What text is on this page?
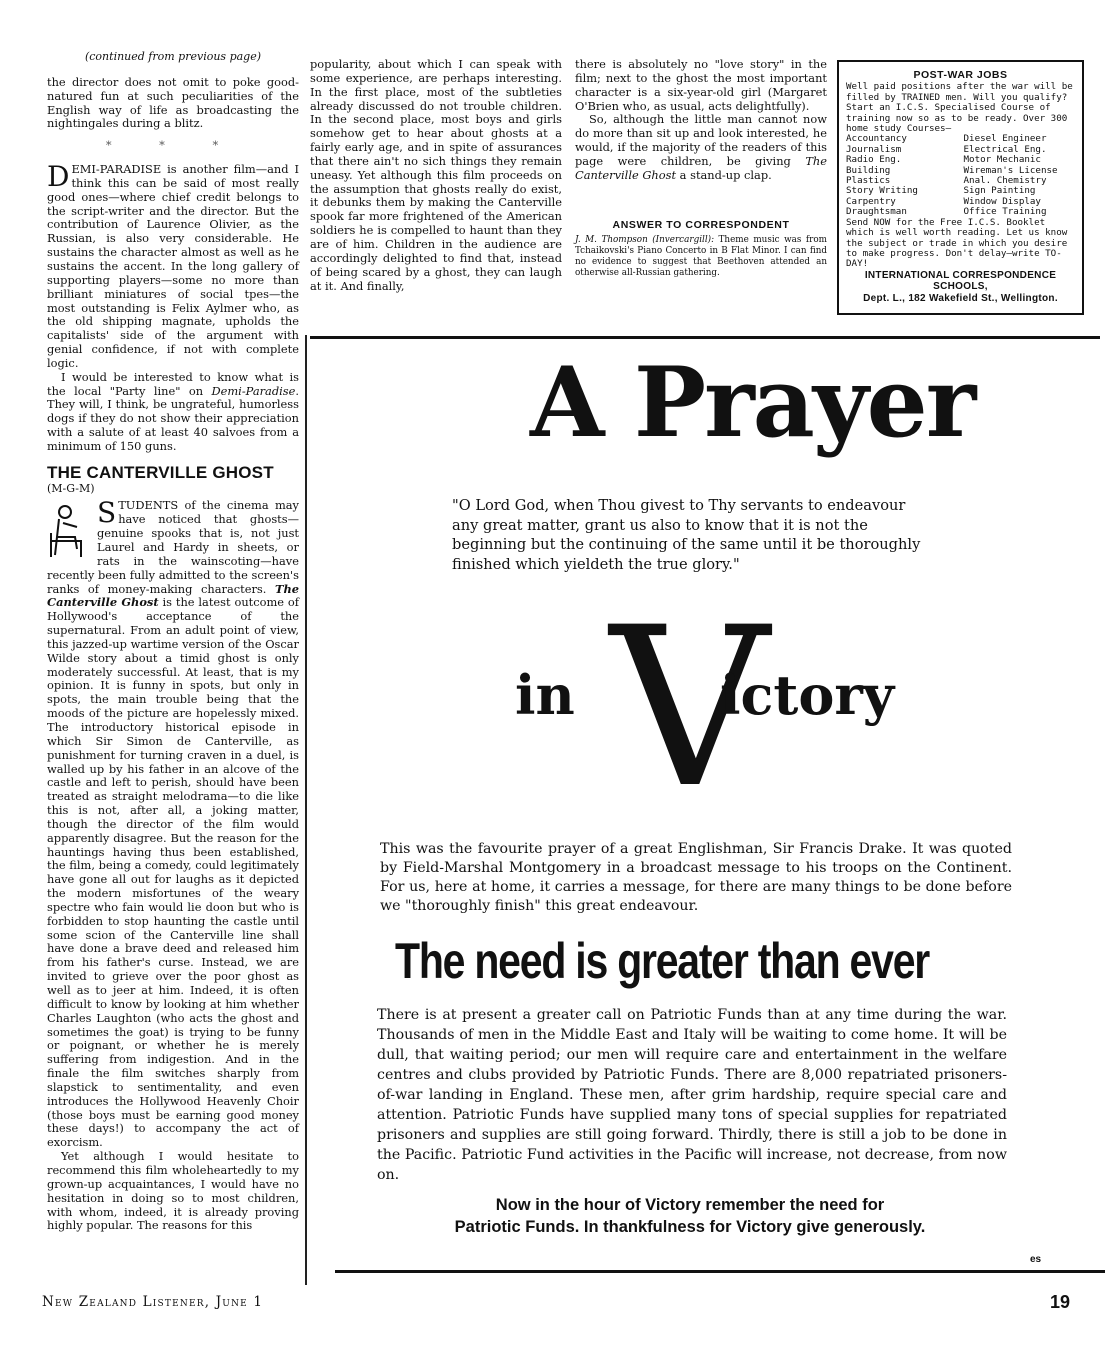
(continued from previous page)

the director does not omit to poke good-natured fun at such peculiarities of the English way of life as broadcasting the nightingales during a blitz.

* * *

DEMI-PARADISE is another film—and I think this can be said of most really good ones—where chief credit belongs to the script-writer and the director. But the contribution of Laurence Olivier, as the Russian, is also very considerable. He sustains the character almost as well as he sustains the accent. In the long gallery of supporting players—some no more than brilliant miniatures of social tpes—the most outstanding is Felix Aylmer who, as the old shipping magnate, upholds the capitalists' side of the argument with genial confidence, if not with complete logic.

I would be interested to know what is the local "Party line" on Demi-Paradise. They will, I think, be ungrateful, humorless dogs if they do not show their appreciation with a salute of at least 40 salvoes from a minimum of 150 guns.

THE CANTERVILLE GHOST

(M-G-M)

STUDENTS of the cinema may have noticed that ghosts—genuine spooks that is, not just Laurel and Hardy in sheets, or rats in the wainscoting—have recently been fully admitted to the screen's ranks of money-making characters. The Canterville Ghost is the latest outcome of Hollywood's acceptance of the supernatural. From an adult point of view, this jazzed-up wartime version of the Oscar Wilde story about a timid ghost is only moderately successful. At least, that is my opinion. It is funny in spots, but only in spots, the main trouble being that the moods of the picture are hopelessly mixed. The introductory historical episode in which Sir Simon de Canterville, as punishment for turning craven in a duel, is walled up by his father in an alcove of the castle and left to perish, should have been treated as straight melodrama—to die like this is not, after all, a joking matter, though the director of the film would apparently disagree. But the reason for the hauntings having thus been established, the film, being a comedy, could legitimately have gone all out for laughs as it depicted the modern misfortunes of the weary spectre who fain would lie doon but who is forbidden to stop haunting the castle until some scion of the Canterville line shall have done a brave deed and released him from his father's curse. Instead, we are invited to grieve over the poor ghost as well as to jeer at him. Indeed, it is often difficult to know by looking at him whether Charles Laughton (who acts the ghost and sometimes the goat) is trying to be funny or poignant, or whether he is merely suffering from indigestion. And in the finale the film switches sharply from slapstick to sentimentality, and even introduces the Hollywood Heavenly Choir (those boys must be earning good money these days!) to accompany the act of exorcism.

Yet although I would hesitate to recommend this film wholeheartedly to my grown-up acquaintances, I would have no hesitation in doing so to most children, with whom, indeed, it is already proving highly popular. The reasons for this

popularity, about which I can speak with some experience, are perhaps interesting. In the first place, most of the subtleties already discussed do not trouble children. In the second place, most boys and girls somehow get to hear about ghosts at a fairly early age, and in spite of assurances that there ain't no sich things they remain uneasy. Yet although this film proceeds on the assumption that ghosts really do exist, it debunks them by making the Canterville spook far more frightened of the American soldiers he is compelled to haunt than they are of him. Children in the audience are accordingly delighted to find that, instead of being scared by a ghost, they can laugh at it. And finally,

there is absolutely no "love story" in the film; next to the ghost the most important character is a six-year-old girl (Margaret O'Brien who, as usual, acts delightfully).

So, although the little man cannot now do more than sit up and look interested, he would, if the majority of the readers of this page were children, be giving The Canterville Ghost a stand-up clap.

ANSWER TO CORRESPONDENT

J. M. Thompson (Invercargill): Theme music was from Tchaikovski's Piano Concerto in B Flat Minor. I can find no evidence to suggest that Beethoven attended an otherwise all-Russian gathering.

POST-WAR JOBS

Well paid positions after the war will be filled by TRAINED men. Will you qualify? Start an I.C.S. Specialised Course of training now so as to be ready. Over 300 home study Courses—
Accountancy	Diesel Engineer
Journalism	Electrical Eng.
Radio Eng.	Motor Mechanic
Building	Wireman's License
Plastics	Anal. Chemistry
Story Writing	Sign Painting
Carpentry	Window Display
Draughtsman	Office Training
Send NOW for the Free I.C.S. Booklet which is well worth reading. Let us know the subject or trade in which you desire to make progress. Don't delay—write TO-DAY!
INTERNATIONAL CORRESPONDENCE SCHOOLS,
Dept. L., 182 Wakefield St., Wellington.
A Prayer
"O Lord God, when Thou givest to Thy servants to endeavour any great matter, grant us also to know that it is not the beginning but the continuing of the same until it be thoroughly finished which yieldeth the true glory."
V
in	ictory
This was the favourite prayer of a great Englishman, Sir Francis Drake. It was quoted by Field-Marshal Montgomery in a broadcast message to his troops on the Continent. For us, here at home, it carries a message, for there are many things to be done before we "thoroughly finish" this great endeavour.
The need is greater than ever
There is at present a greater call on Patriotic Funds than at any time during the war. Thousands of men in the Middle East and Italy will be waiting to come home. It will be dull, that waiting period; our men will require care and entertainment in the welfare centres and clubs provided by Patriotic Funds. There are 8,000 repatriated prisoners-of-war landing in England. These men, after grim hardship, require special care and attention. Patriotic Funds have supplied many tons of special supplies for repatriated prisoners and supplies are still going forward. Thirdly, there is still a job to be done in the Pacific. Patriotic Fund activities in the Pacific will increase, not decrease, from now on.
Now in the hour of Victory remember the need for
Patriotic Funds. In thankfulness for Victory give generously.
es
New Zealand Listener, June 1	19
